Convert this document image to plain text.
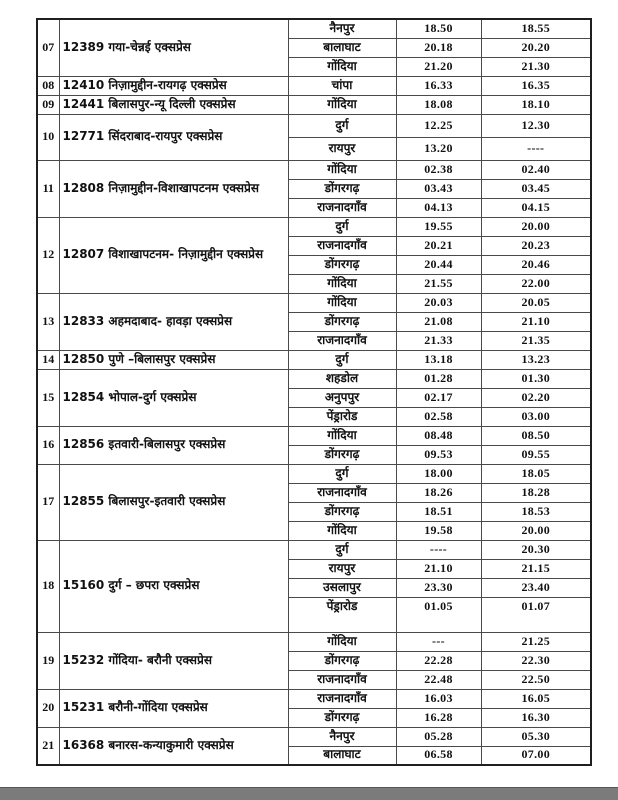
07	12389 गया-चेन्नई एक्सप्रेस	नैनपुर	18.50	18.55
		बालाघाट	20.18	20.20
		गोंदिया	21.20	21.30
08	12410 निज़ामुद्दीन-रायगढ़ एक्सप्रेस	चांपा	16.33	16.35
09	12441 बिलासपुर-न्यू दिल्ली एक्सप्रेस	गोंदिया	18.08	18.10
10	12771 सिंदराबाद-रायपुर एक्सप्रेस	दुर्ग	12.25	12.30
		रायपुर	13.20	----
11	12808 निज़ामुद्दीन-विशाखापटनम एक्सप्रेस	गोंदिया	02.38	02.40
		डोंगरगढ़	03.43	03.45
		राजनादगाँव	04.13	04.15
12	12807 विशाखापटनम- निज़ामुद्दीन एक्सप्रेस	दुर्ग	19.55	20.00
		राजनादगाँव	20.21	20.23
		डोंगरगढ़	20.44	20.46
		गोंदिया	21.55	22.00
13	12833 अहमदाबाद- हावड़ा एक्सप्रेस	गोंदिया	20.03	20.05
		डोंगरगढ़	21.08	21.10
		राजनादगाँव	21.33	21.35
14	12850 पुणे –बिलासपुर एक्सप्रेस	दुर्ग	13.18	13.23
15	12854 भोपाल-दुर्ग एक्सप्रेस	शहडोल	01.28	01.30
		अनुपपुर	02.17	02.20
		पेंड्रारोड	02.58	03.00
16	12856 इतवारी-बिलासपुर एक्सप्रेस	गोंदिया	08.48	08.50
		डोंगरगढ़	09.53	09.55
17	12855 बिलासपुर-इतवारी एक्सप्रेस	दुर्ग	18.00	18.05
		राजनादगाँव	18.26	18.28
		डोंगरगढ़	18.51	18.53
		गोंदिया	19.58	20.00
18	15160 दुर्ग – छपरा एक्सप्रेस	दुर्ग	----	20.30
		रायपुर	21.10	21.15
		उसलापुर	23.30	23.40
		पेंड्रारोड	01.05	01.07
19	15232 गोंदिया- बरौनी एक्सप्रेस	गोंदिया	---	21.25
		डोंगरगढ़	22.28	22.30
		राजनादगाँव	22.48	22.50
20	15231 बरौनी-गोंदिया एक्सप्रेस	राजनादगाँव	16.03	16.05
		डोंगरगढ़	16.28	16.30
21	16368 बनारस-कन्याकुमारी एक्सप्रेस	नैनपुर	05.28	05.30
		बालाघाट	06.58	07.00
